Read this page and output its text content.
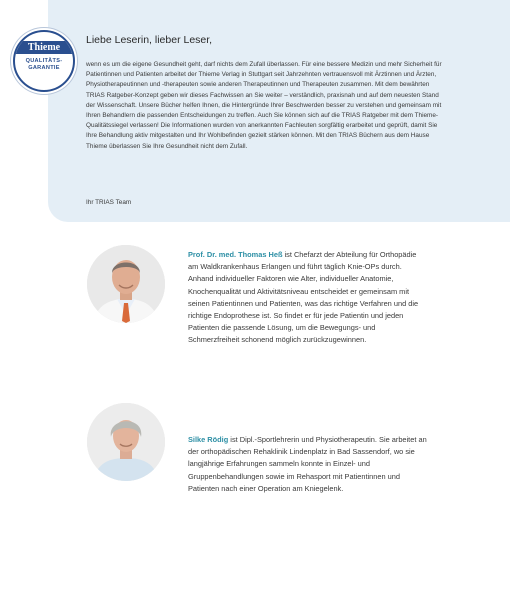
Thieme
QUALITÄTS-
GARANTIE
Liebe Leserin, lieber Leser,

wenn es um die eigene Gesundheit geht, darf nichts dem Zufall überlassen. Für eine bessere Medizin und mehr Sicherheit für Patientinnen und Patienten arbeitet der Thieme Verlag in Stuttgart seit Jahrzehnten vertrauensvoll mit Ärztinnen und Ärzten, Physiotherapeutinnen und -therapeuten sowie anderen Therapeutinnen und Therapeuten zusammen. Mit dem bewährten TRIAS Ratgeber-Konzept geben wir dieses Fachwissen an Sie weiter – verständlich, praxisnah und auf dem neuesten Stand der Wissenschaft. Unsere Bücher helfen Ihnen, die Hintergründe Ihrer Beschwerden besser zu verstehen und gemeinsam mit Ihren Behandlern die passenden Entscheidungen zu treffen. Auch Sie können sich auf die TRIAS Ratgeber mit dem Thieme-Qualitätssiegel verlassen! Die Informationen wurden von anerkannten Fachleuten sorgfältig erarbeitet und geprüft, damit Sie Ihre Behandlung aktiv mitgestalten und Ihr Wohlbefinden gezielt stärken können. Mit den TRIAS Büchern aus dem Hause Thieme überlassen Sie Ihre Gesundheit nicht dem Zufall.

Ihr TRIAS Team

Prof. Dr. med. Thomas Heß ist Chefarzt der Abteilung für Orthopädie am Waldkrankenhaus Erlangen und führt täglich Knie-OPs durch. Anhand individueller Faktoren wie Alter, individueller Anatomie, Knochenqualität und Aktivitätsniveau entscheidet er gemeinsam mit seinen Patientinnen und Patienten, was das richtige Verfahren und die richtige Endoprothese ist. So findet er für jede Patientin und jeden Patienten die passende Lösung, um die Bewegungs- und Schmerzfreiheit schonend möglich zurückzugewinnen.

Silke Rödig ist Dipl.-Sportlehrerin und Physiotherapeutin. Sie arbeitet an der orthopädischen Rehaklinik Lindenplatz in Bad Sassendorf, wo sie langjährige Erfahrungen sammeln konnte in Einzel- und Gruppenbehandlungen sowie im Rehasport mit Patientinnen und Patienten nach einer Operation am Kniegelenk.
